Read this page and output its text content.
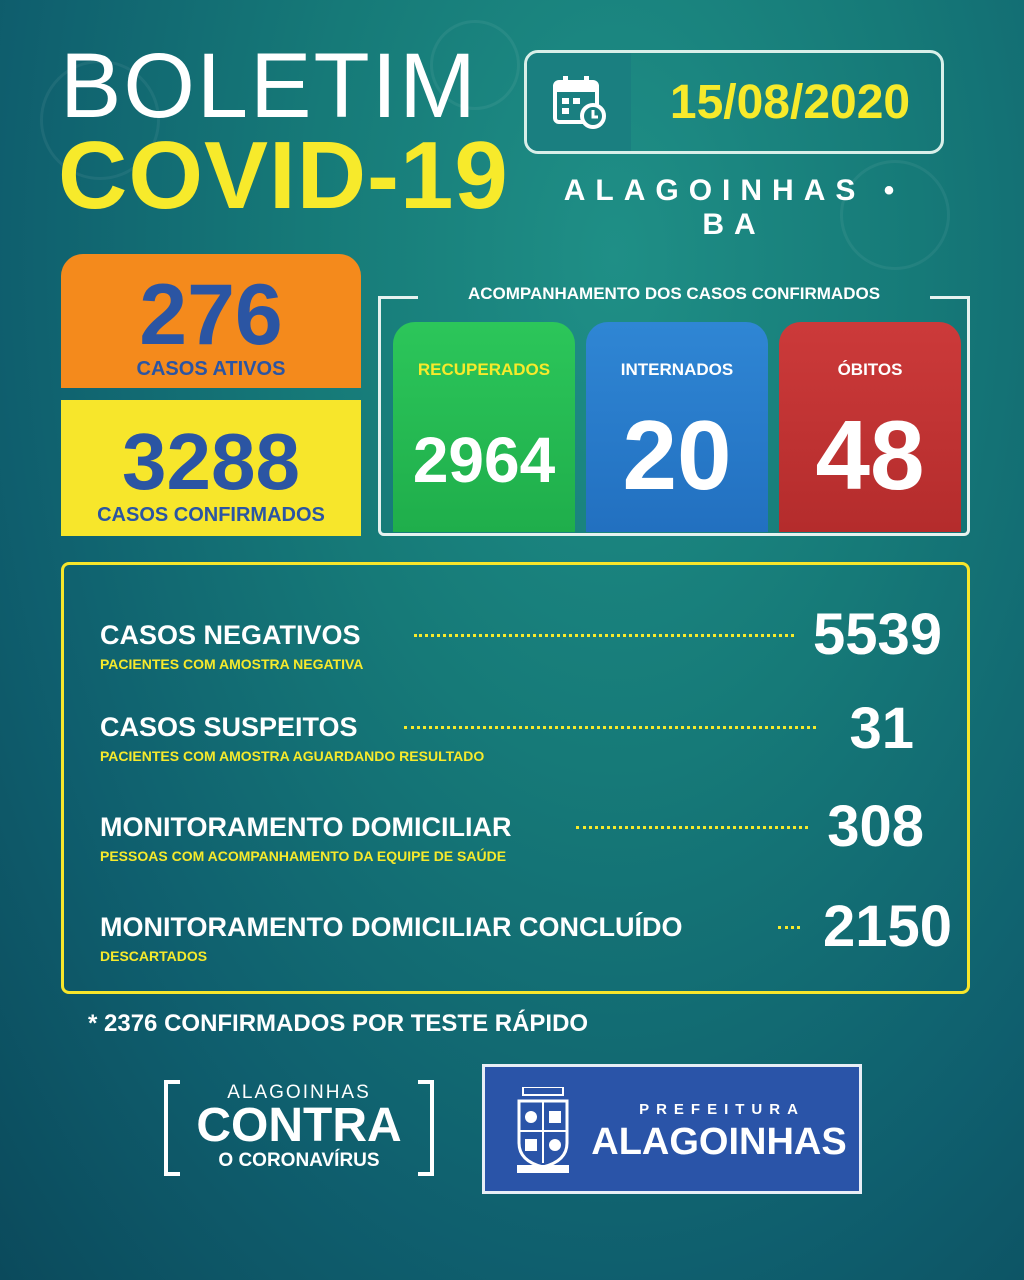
BOLETIM
COVID-19
15/08/2020
ALAGOINHAS • BA
276
CASOS ATIVOS
3288
CASOS CONFIRMADOS
ACOMPANHAMENTO DOS CASOS CONFIRMADOS
RECUPERADOS
2964
INTERNADOS
20
ÓBITOS
48
CASOS NEGATIVOS	5539
PACIENTES COM AMOSTRA NEGATIVA
CASOS SUSPEITOS	31
PACIENTES COM AMOSTRA AGUARDANDO RESULTADO
MONITORAMENTO DOMICILIAR	308
PESSOAS COM ACOMPANHAMENTO DA EQUIPE DE SAÚDE
MONITORAMENTO DOMICILIAR CONCLUÍDO 2150
DESCARTADOS
* 2376 CONFIRMADOS POR TESTE RÁPIDO
ALAGOINHAS
CONTRA
O CORONAVÍRUS
PREFEITURA
ALAGOINHAS
